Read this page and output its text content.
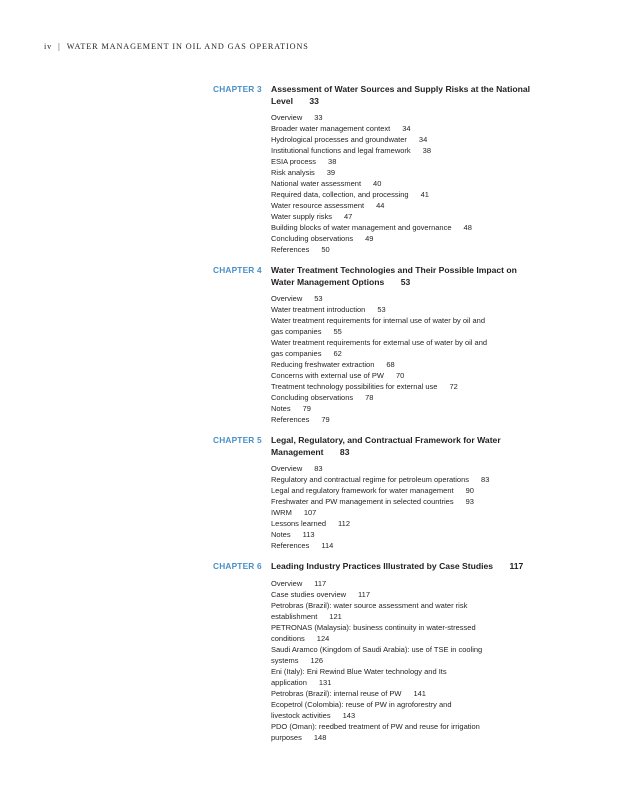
iv | WATER MANAGEMENT IN OIL AND GAS OPERATIONS
CHAPTER 3	Assessment of Water Sources and Supply Risks at the National Level 33
Overview 33
Broader water management context 34
Hydrological processes and groundwater 34
Institutional functions and legal framework 38
ESIA process 38
Risk analysis 39
National water assessment 40
Required data, collection, and processing 41
Water resource assessment 44
Water supply risks 47
Building blocks of water management and governance 48
Concluding observations 49
References 50
CHAPTER 4	Water Treatment Technologies and Their Possible Impact on Water Management Options 53
Overview 53
Water treatment introduction 53
Water treatment requirements for internal use of water by oil and
gas companies 55
Water treatment requirements for external use of water by oil and
gas companies 62
Reducing freshwater extraction 68
Concerns with external use of PW 70
Treatment technology possibilities for external use 72
Concluding observations 78
Notes 79
References 79
CHAPTER 5	Legal, Regulatory, and Contractual Framework for Water Management 83
Overview 83
Regulatory and contractual regime for petroleum operations 83
Legal and regulatory framework for water management 90
Freshwater and PW management in selected countries 93
IWRM 107
Lessons learned 112
Notes 113
References 114
CHAPTER 6	Leading Industry Practices Illustrated by Case Studies 117
Overview 117
Case studies overview 117
Petrobras (Brazil): water source assessment and water risk
establishment 121
PETRONAS (Malaysia): business continuity in water-stressed
conditions 124
Saudi Aramco (Kingdom of Saudi Arabia): use of TSE in cooling
systems 126
Eni (Italy): Eni Rewind Blue Water technology and Its
application 131
Petrobras (Brazil): internal reuse of PW 141
Ecopetrol (Colombia): reuse of PW in agroforestry and
livestock activities 143
PDO (Oman): reedbed treatment of PW and reuse for irrigation
purposes 148
